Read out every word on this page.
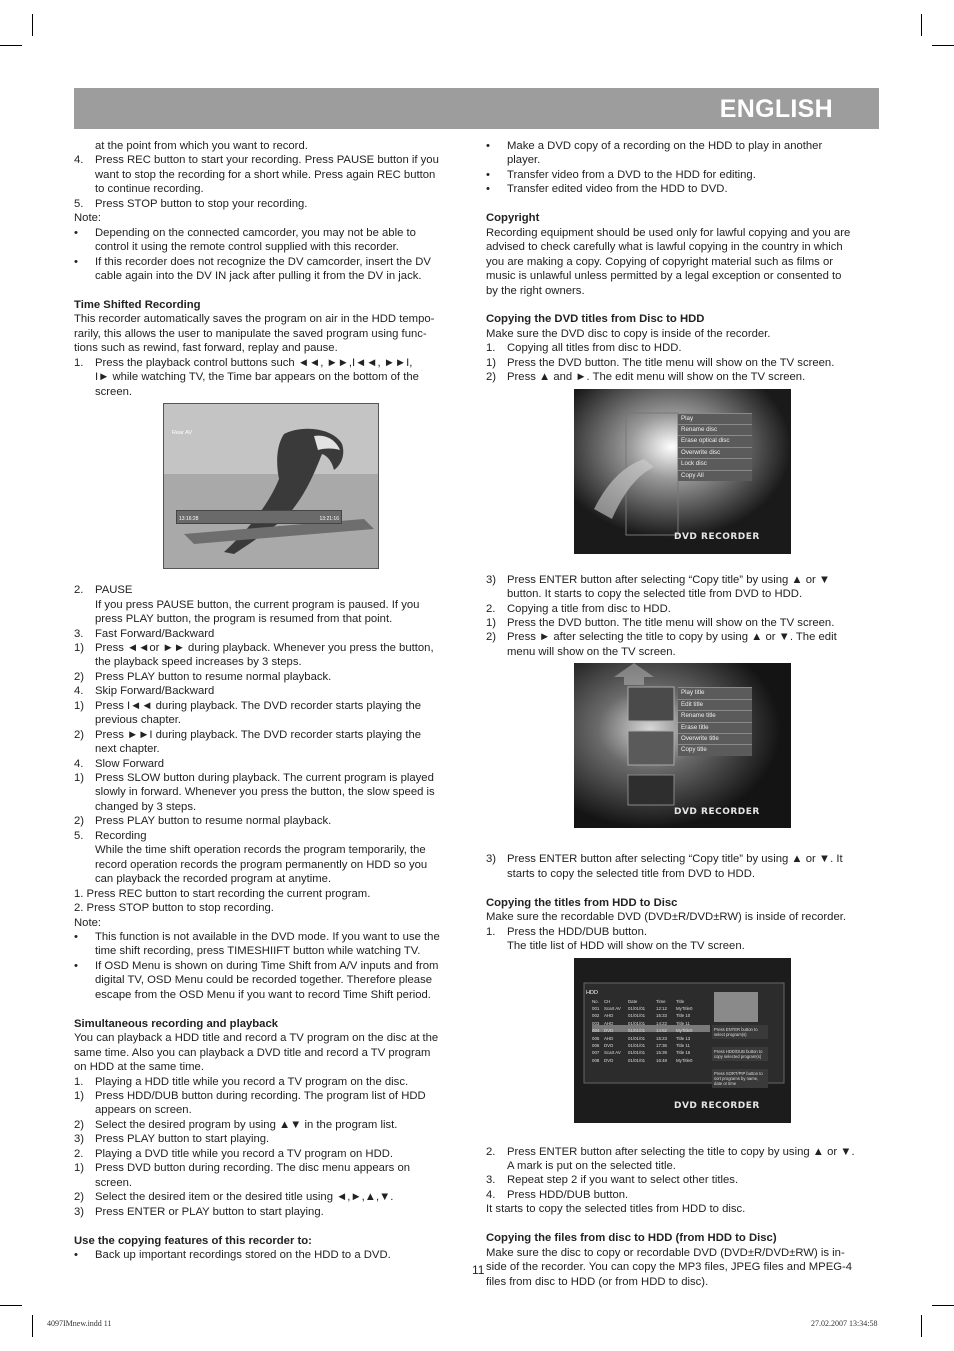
ENGLISH
at the point from which you want to record.
4. Press REC button to start your recording. Press PAUSE button if you
want to stop the recording for a short while. Press again REC button
to continue recording.
5. Press STOP button to stop your recording.
Note:
• Depending on the connected camcorder, you may not be able to
control it using the remote control supplied with this recorder.
• If this recorder does not recognize the DV camcorder, insert the DV
cable again into the DV IN jack after pulling it from the DV in jack.
Time Shifted Recording
This recorder automatically saves the program on air in the HDD tempo-
rarily, this allows the user to manipulate the saved program using func-
tions such as rewind, fast forward, replay and pause.
1. Press the playback control buttons such ◄◄, ►►,I◄◄, ►►I,
I► while watching TV, the Time bar appears on the bottom of the
screen.
Rear AV
13:16:28	13:21:16
2. PAUSE
If you press PAUSE button, the current program is paused. If you
press PLAY button, the program is resumed from that point.
3. Fast Forward/Backward
1) Press ◄◄or ►► during playback. Whenever you press the button,
the playback speed increases by 3 steps.
2) Press PLAY button to resume normal playback.
4. Skip Forward/Backward
1) Press I◄◄ during playback. The DVD recorder starts playing the
previous chapter.
2) Press ►►I during playback. The DVD recorder starts playing the
next chapter.
4. Slow Forward
1) Press SLOW button during playback. The current program is played
slowly in forward. Whenever you press the button, the slow speed is
changed by 3 steps.
2) Press PLAY button to resume normal playback.
5. Recording
While the time shift operation records the program temporarily, the
record operation records the program permanently on HDD so you
can playback the recorded program at anytime.
1. Press REC button to start recording the current program.
2. Press STOP button to stop recording.
Note:
• This function is not available in the DVD mode. If you want to use the
time shift recording, press TIMESHIIFT button while watching TV.
• If OSD Menu is shown on during Time Shift from A/V inputs and from
digital TV, OSD Menu could be recorded together. Therefore please
escape from the OSD Menu if you want to record Time Shift period.
Simultaneous recording and playback
You can playback a HDD title and record a TV program on the disc at the
same time. Also you can playback a DVD title and record a TV program
on HDD at the same time.
1. Playing a HDD title while you record a TV program on the disc.
1) Press HDD/DUB button during recording. The program list of HDD
appears on screen.
2) Select the desired program by using ▲▼ in the program list.
3) Press PLAY button to start playing.
2. Playing a DVD title while you record a TV program on HDD.
1) Press DVD button during recording. The disc menu appears on
screen.
2) Select the desired item or the desired title using ◄,►,▲,▼.
3) Press ENTER or PLAY button to start playing.
Use the copying features of this recorder to:
• Back up important recordings stored on the HDD to a DVD.
• Make a DVD copy of a recording on the HDD to play in another
player.
• Transfer video from a DVD to the HDD for editing.
• Transfer edited video from the HDD to DVD.
Copyright
Recording equipment should be used only for lawful copying and you are
advised to check carefully what is lawful copying in the country in which
you are making a copy. Copying of copyright material such as films or
music is unlawful unless permitted by a legal exception or consented to
by the right owners.
Copying the DVD titles from Disc to HDD
Make sure the DVD disc to copy is inside of the recorder.
1. Copying all titles from disc to HDD.
1) Press the DVD button. The title menu will show on the TV screen.
2) Press ▲ and ►. The edit menu will show on the TV screen.
Play
Rename disc
Erase optical disc
Overwrite disc
Lock disc
Copy All
DVD RECORDER
3) Press ENTER button after selecting “Copy title” by using ▲ or ▼
button. It starts to copy the selected title from DVD to HDD.
2. Copying a title from disc to HDD.
1) Press the DVD button. The title menu will show on the TV screen.
2) Press ► after selecting the title to copy by using ▲ or ▼. The edit
menu will show on the TV screen.
Play title
Edit title
Rename title
Erase title
Overwrite title
Copy title
DVD RECORDER
3) Press ENTER button after selecting “Copy title” by using ▲ or ▼. It
starts to copy the selected title from DVD to HDD.
Copying the titles from HDD to Disc
Make sure the recordable DVD (DVD±R/DVD±RW) is inside of recorder.
1. Press the HDD/DUB button.
The title list of HDD will show on the TV screen.
HDD
No.	CH	Date	Time	Title
001	Scart AV	01/01/01	12:12	MyTitle0
002	AHD	01/01/01	15:33	Title 10
003	AHD	01/01/01	14:22	Title 11
004	DVD	01/01/01	14:52	MyTitle0
005	AHD	01/01/01	15:23	Title 13
006	DVD	01/01/01	17:36	Title 11
007	Scart AV	01/01/01	15:39	Title 16
008	DVD	01/01/01	16:48	MyTitle0
Press ENTER button to select program(s)
Press HDD/DUB button to copy selected program(s)
Press SORT/PIP button to sort programs by name, date or time
DVD RECORDER
2. Press ENTER button after selecting the title to copy by using ▲ or ▼.
A mark is put on the selected title.
3. Repeat step 2 if you want to select other titles.
4. Press HDD/DUB button.
It starts to copy the selected titles from HDD to disc.
Copying the files from disc to HDD (from HDD to Disc)
Make sure the disc to copy or recordable DVD (DVD±R/DVD±RW) is in-
side of the recorder. You can copy the MP3 files, JPEG files and MPEG-4
files from disc to HDD (or from HDD to disc).
11
4097IMnew.indd 11	27.02.2007 13:34:58
